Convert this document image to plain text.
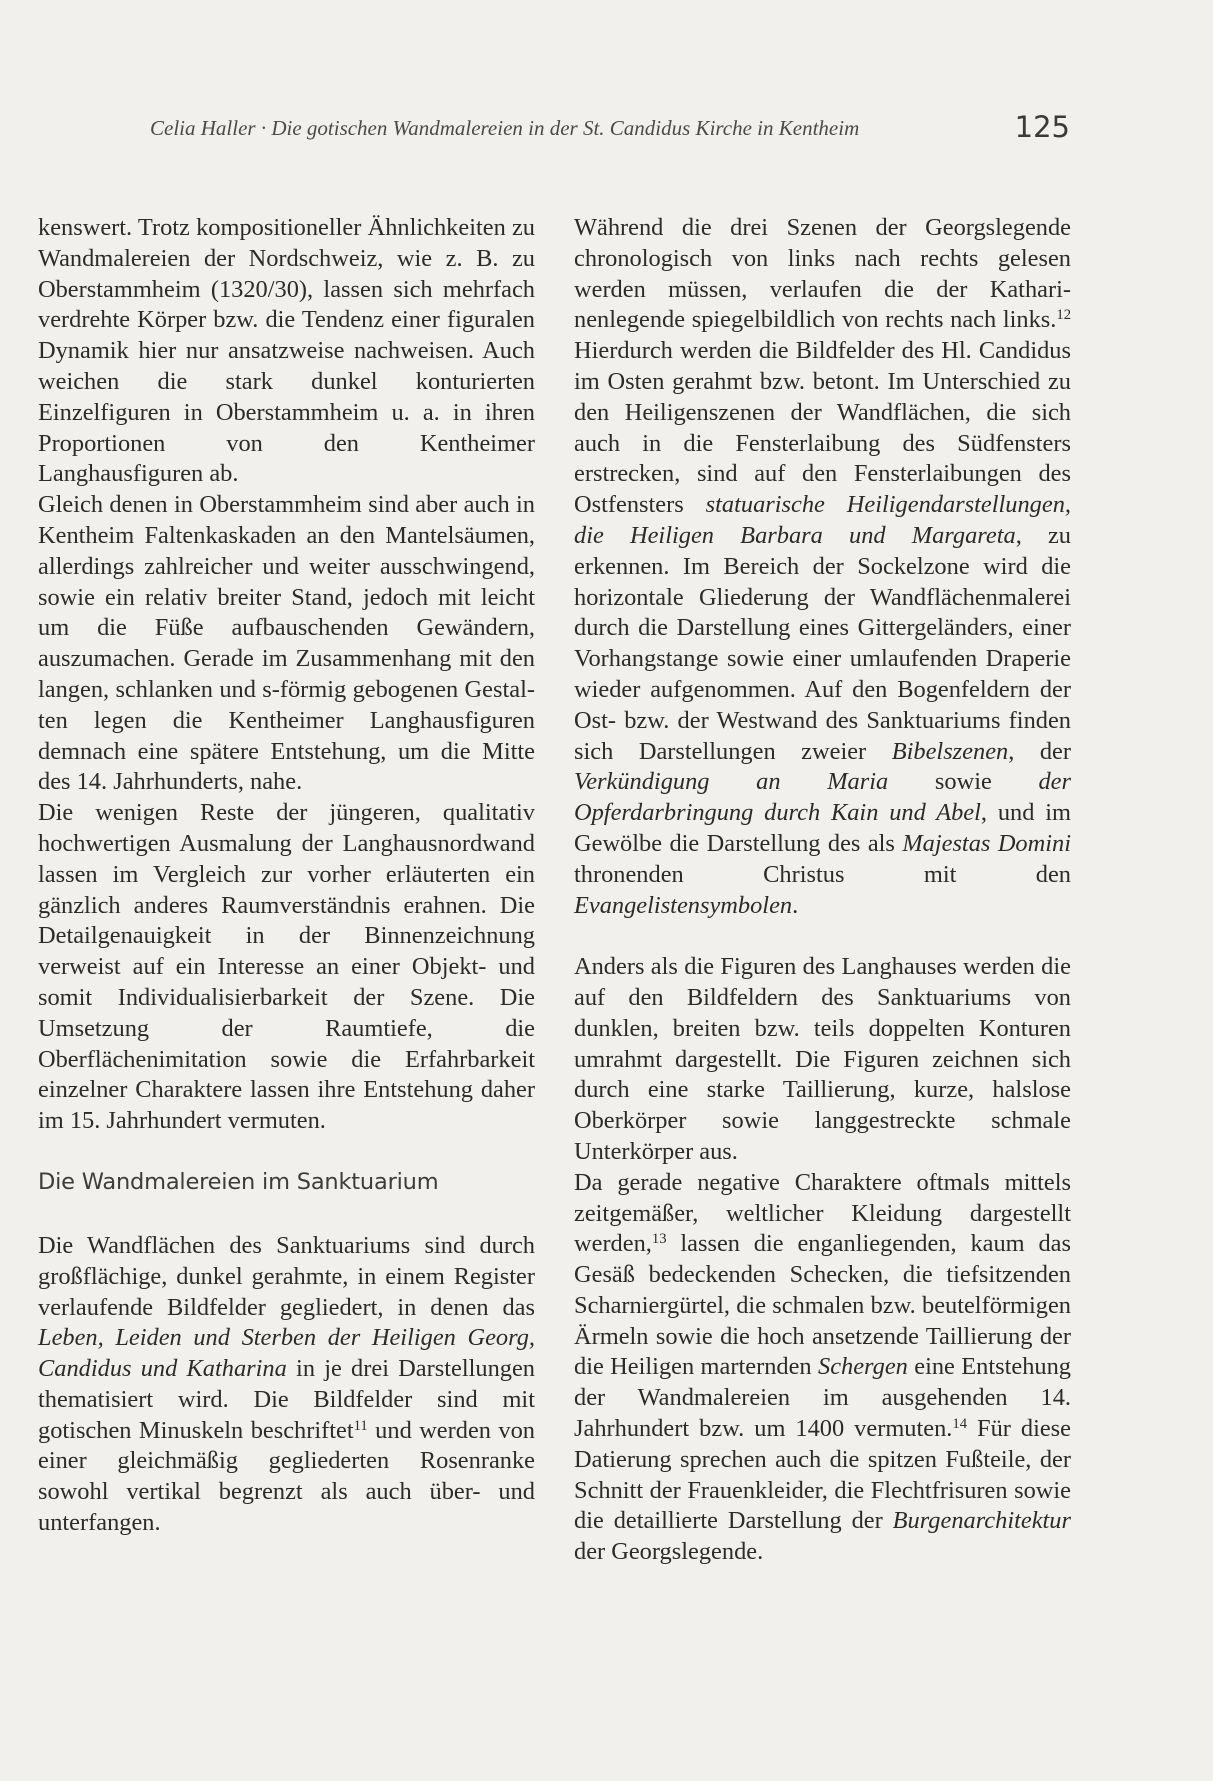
Celia Haller · Die gotischen Wandmalereien in der St. Candidus Kirche in Kentheim	125

kenswert. Trotz kompositioneller Ähnlichkeiten zu Wandmalereien der Nordschweiz, wie z. B. zu Oberstammheim (1320/30), lassen sich mehrfach verdrehte Körper bzw. die Tendenz einer figuralen Dynamik hier nur ansatzweise nachweisen. Auch weichen die stark dunkel konturierten Einzelfiguren in Oberstammheim u. a. in ihren Proportionen von den Kentheimer Langhausfiguren ab.

Gleich denen in Oberstammheim sind aber auch in Kentheim Faltenkaskaden an den Mantelsäumen, allerdings zahlreicher und weiter ausschwingend, sowie ein relativ breiter Stand, jedoch mit leicht um die Füße aufbauschenden Gewändern, auszumachen. Gerade im Zusammenhang mit den langen, schlanken und s-förmig gebogenen Gestalten legen die Kentheimer Langhausfiguren demnach eine spätere Entstehung, um die Mitte des 14. Jahrhunderts, nahe.

Die wenigen Reste der jüngeren, qualitativ hochwertigen Ausmalung der Langhausnordwand lassen im Vergleich zur vorher erläuterten ein gänzlich anderes Raumverständnis erahnen. Die Detailgenauigkeit in der Binnenzeichnung verweist auf ein Interesse an einer Objekt- und somit Individualisierbarkeit der Szene. Die Umsetzung der Raumtiefe, die Oberflächenimitation sowie die Erfahrbarkeit einzelner Charaktere lassen ihre Entstehung daher im 15. Jahrhundert vermuten.

Die Wandmalereien im Sanktuarium

Die Wandflächen des Sanktuariums sind durch großflächige, dunkel gerahmte, in einem Register verlaufende Bildfelder gegliedert, in denen das Leben, Leiden und Sterben der Heiligen Georg, Candidus und Katharina in je drei Darstellungen thematisiert wird. Die Bildfelder sind mit gotischen Minuskeln beschriftet$^{11}$ und werden von einer gleichmäßig gegliederten Rosenranke sowohl vertikal begrenzt als auch über- und unterfangen.

Während die drei Szenen der Georgslegende chronologisch von links nach rechts gelesen werden müssen, verlaufen die der Katharinenlegende spiegelbildlich von rechts nach links.$^{12}$ Hierdurch werden die Bildfelder des Hl. Candidus im Osten gerahmt bzw. betont. Im Unterschied zu den Heiligenszenen der Wandflächen, die sich auch in die Fensterlaibung des Südfensters erstrecken, sind auf den Fensterlaibungen des Ostfensters statuarische Heiligendarstellungen, die Heiligen Barbara und Margareta, zu erkennen. Im Bereich der Sockelzone wird die horizontale Gliederung der Wandflächenmalerei durch die Darstellung eines Gittergeländers, einer Vorhangstange sowie einer umlaufenden Draperie wieder aufgenommen. Auf den Bogenfeldern der Ost- bzw. der Westwand des Sanktuariums finden sich Darstellungen zweier Bibelszenen, der Verkündigung an Maria sowie der Opferdarbringung durch Kain und Abel, und im Gewölbe die Darstellung des als Majestas Domini thronenden Christus mit den Evangelistensymbolen.

Anders als die Figuren des Langhauses werden die auf den Bildfeldern des Sanktuariums von dunklen, breiten bzw. teils doppelten Konturen umrahmt dargestellt. Die Figuren zeichnen sich durch eine starke Taillierung, kurze, halslose Oberkörper sowie langgestreckte schmale Unterkörper aus.

Da gerade negative Charaktere oftmals mittels zeitgemäßer, weltlicher Kleidung dargestellt werden,$^{13}$ lassen die enganliegenden, kaum das Gesäß bedeckenden Schecken, die tiefsitzenden Scharniergürtel, die schmalen bzw. beutelförmigen Ärmeln sowie die hoch ansetzende Taillierung der die Heiligen marternden Schergen eine Entstehung der Wandmalereien im ausgehenden 14. Jahrhundert bzw. um 1400 vermuten.$^{14}$ Für diese Datierung sprechen auch die spitzen Fußteile, der Schnitt der Frauenkleider, die Flechtfrisuren sowie die detaillierte Darstellung der Burgenarchitektur der Georgslegende.
